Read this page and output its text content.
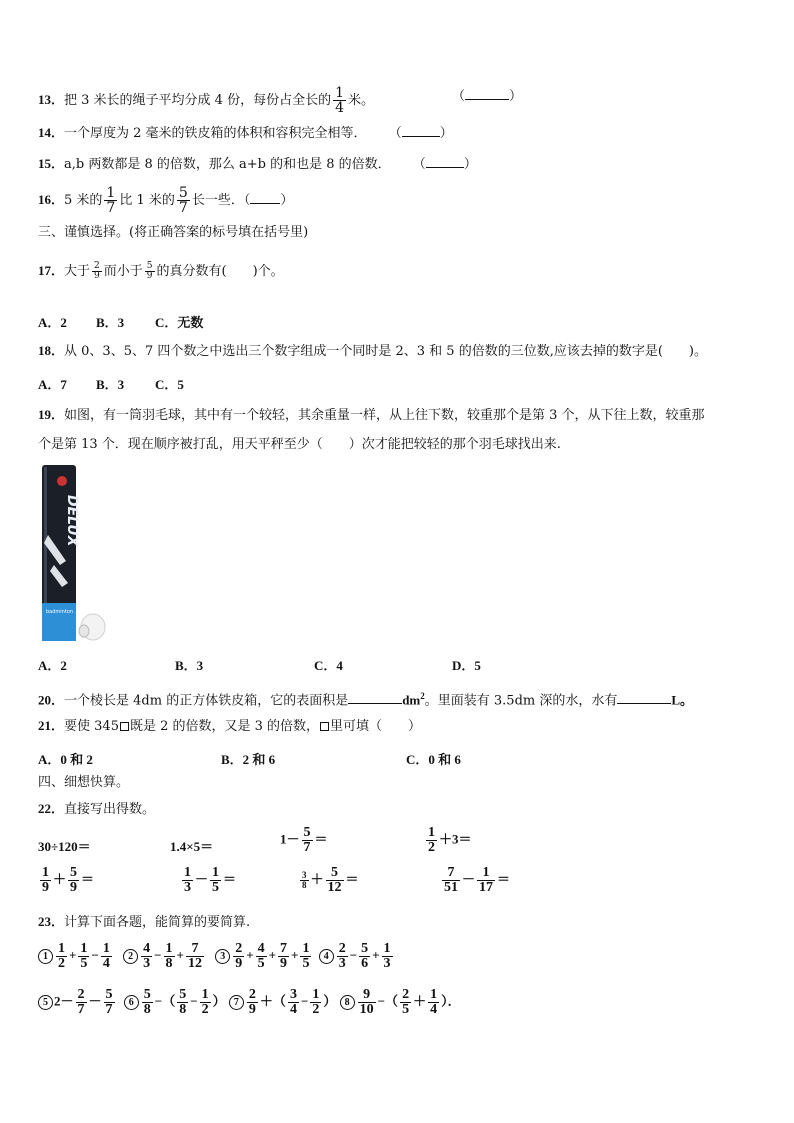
13．把 3 米长的绳子平均分成 4 份，每份占全长的 $\frac{1}{4}$ 米。	（	）
14．一个厚度为 2 毫米的铁皮箱的体积和容积完全相等． （	）
15．a,b 两数都是 8 的倍数，那么 a+b 的和也是 8 的倍数． （	）
16．5 米的 $\frac{1}{7}$ 比 1 米的 $\frac{5}{7}$ 长一些．（ ）
三、谨慎选择。(将正确答案的标号填在括号里)
17．大于 $\frac{2}{9}$ 而小于 $\frac{5}{9}$ 的真分数有(　　)个。
A．2 B．3 C．无数
18．从 0、3、5、7 四个数之中选出三个数字组成一个同时是 2、3 和 5 的倍数的三位数,应该去掉的数字是(　　)。
A．7 B．3 C．5
19．如图，有一筒羽毛球，其中有一个较轻，其余重量一样，从上往下数，较重那个是第 3 个，从下往上数，较重那
个是第 13 个．现在顺序被打乱，用天平秤至少（　　）次才能把较轻的那个羽毛球找出来.
DELUX
badminton
A．2	B．3	C．4	D．5
20．一个棱长是 4dm 的正方体铁皮箱，它的表面积是	$dm^2$。里面装有 3.5dm 深的水，水有	L。
21．要使 345 既是 2 的倍数，又是 3 的倍数， 里可填（　　）
A．0 和 2	B．2 和 6	C．0 和 6
四、细想快算。
22．直接写出得数。
30÷120＝	1.4×5＝
$1- \frac{5}{7}$ ＝	$\frac{1}{2} +3=$
$\frac{1}{9} + \frac{5}{9}$ ＝	$\frac{1}{3} - \frac{1}{5}$ ＝	$\frac{3}{8} + \frac{5}{12}$ ＝	$\frac{7}{51} - \frac{1}{17}$ ＝
23．计算下面各题，能简算的要简算.
$1 \frac{1}{2} + \frac{1}{5} - \frac{1}{4} 2 \frac{4}{3} - \frac{1}{8} + \frac{7}{12} 3 \frac{2}{9} + \frac{4}{5} + \frac{7}{9} + \frac{1}{5} 4 \frac{2}{3} - \frac{5}{6} + \frac{1}{3}$
5 $2- \frac{2}{7} - \frac{5}{7} 6 \frac{5}{8}$ −（ $\frac{5}{8} - \frac{1}{2}$ ） $7 \frac{2}{9}$ ＋（ $\frac{3}{4} - \frac{1}{2}$ ） $8 \frac{9}{10}$ −（ $\frac{2}{5} + \frac{1}{4}$ ）．
